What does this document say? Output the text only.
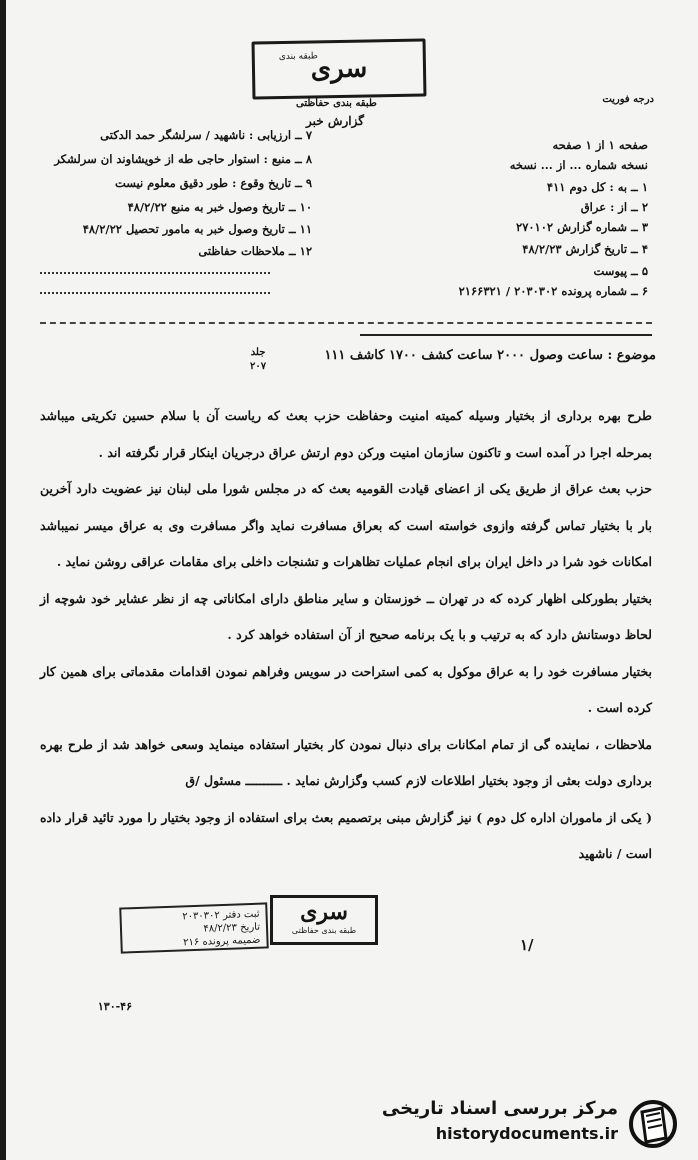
طبقه بندی
سری
طبقه بندی حفاظتی
گزارش خبر
درجه فوریت
صفحه ۱ از ۱ صفحه
نسخه شماره ... از ... نسخه
۱ ــ به : کل دوم ۴۱۱
۲ ــ از : عراق
۳ ــ شماره گزارش ۲۷۰۱۰۲
۴ ــ تاریخ گزارش ۴۸/۲/۲۳
۵ ــ پیوست
۶ ــ شماره پرونده ۲۰۳۰۳۰۲ / ۲۱۶۶۳۲۱
۷ ــ ارزیابی : ناشهید / سرلشگر حمد الدکتی
۸ ــ منبع : استوار حاجی طه از خویشاوند ان سرلشکر
۹ ــ تاریخ وقوع : طور دقیق معلوم نیست
۱۰ ــ تاریخ وصول خبر به منبع ۴۸/۲/۲۲
۱۱ ــ تاریخ وصول خبر به مامور تحصیل ۴۸/۲/۲۲
۱۲ ــ ملاحظات حفاظتی
جلد
۲۰۷
موضوع : ساعت وصول ۲۰۰۰ ساعت کشف ۱۷۰۰ کاشف ۱۱۱

طرح بهره برداری از بختیار وسیله کمیته امنیت وحفاظت حزب بعث که ریاست آن با سلام حسین تکریتی میباشد بمرحله اجرا در آمده است و تاکنون سازمان امنیت ورکن دوم ارتش عراق درجریان اینکار قرار نگرفته اند .

حزب بعث عراق از طریق یکی از اعضای قیادت القومیه بعث که در مجلس شورا ملی لبنان نیز عضویت دارد آخرین بار با بختیار تماس گرفته وازوی خواسته است که بعراق مسافرت نماید واگر مسافرت وی به عراق میسر نمیباشد امکانات خود شرا در داخل ایران برای انجام عملیات تظاهرات و تشنجات داخلی برای مقامات عراقی روشن نماید .

بختیار بطورکلی اظهار کرده که در تهران ــ خوزستان و سایر مناطق دارای امکاناتی چه از نظر عشایر خود شوچه از لحاظ دوستانش دارد که به ترتیب و با یک برنامه صحیح از آن استفاده خواهد کرد .

بختیار مسافرت خود را به عراق موکول به کمی استراحت در سویس وفراهم نمودن اقدامات مقدماتی برای همین کار کرده است .

ملاحظات ، نماینده گی از تمام امکانات برای دنبال نمودن کار بختیار استفاده مینماید وسعی خواهد شد از طرح بهره برداری دولت بعثی از وجود بختیار اطلاعات لازم کسب وگزارش نماید . ــــــــــ مسئول /ق

( یکی از ماموران اداره کل دوم ) نیز گزارش مبنی برتصمیم بعث برای استفاده از وجود بختیار را مورد تائید قرار داده است / ناشهید

ثبت دفتر ۲۰۳۰۳۰۲
تاریخ ۴۸/۲/۲۳
ضمیمه پرونده ۲۱۶
سری
طبقه بندی حفاظتی
۱/
۱۳۰-۴۶
مرکز بررسی اسناد تاریخی
historydocuments.ir
